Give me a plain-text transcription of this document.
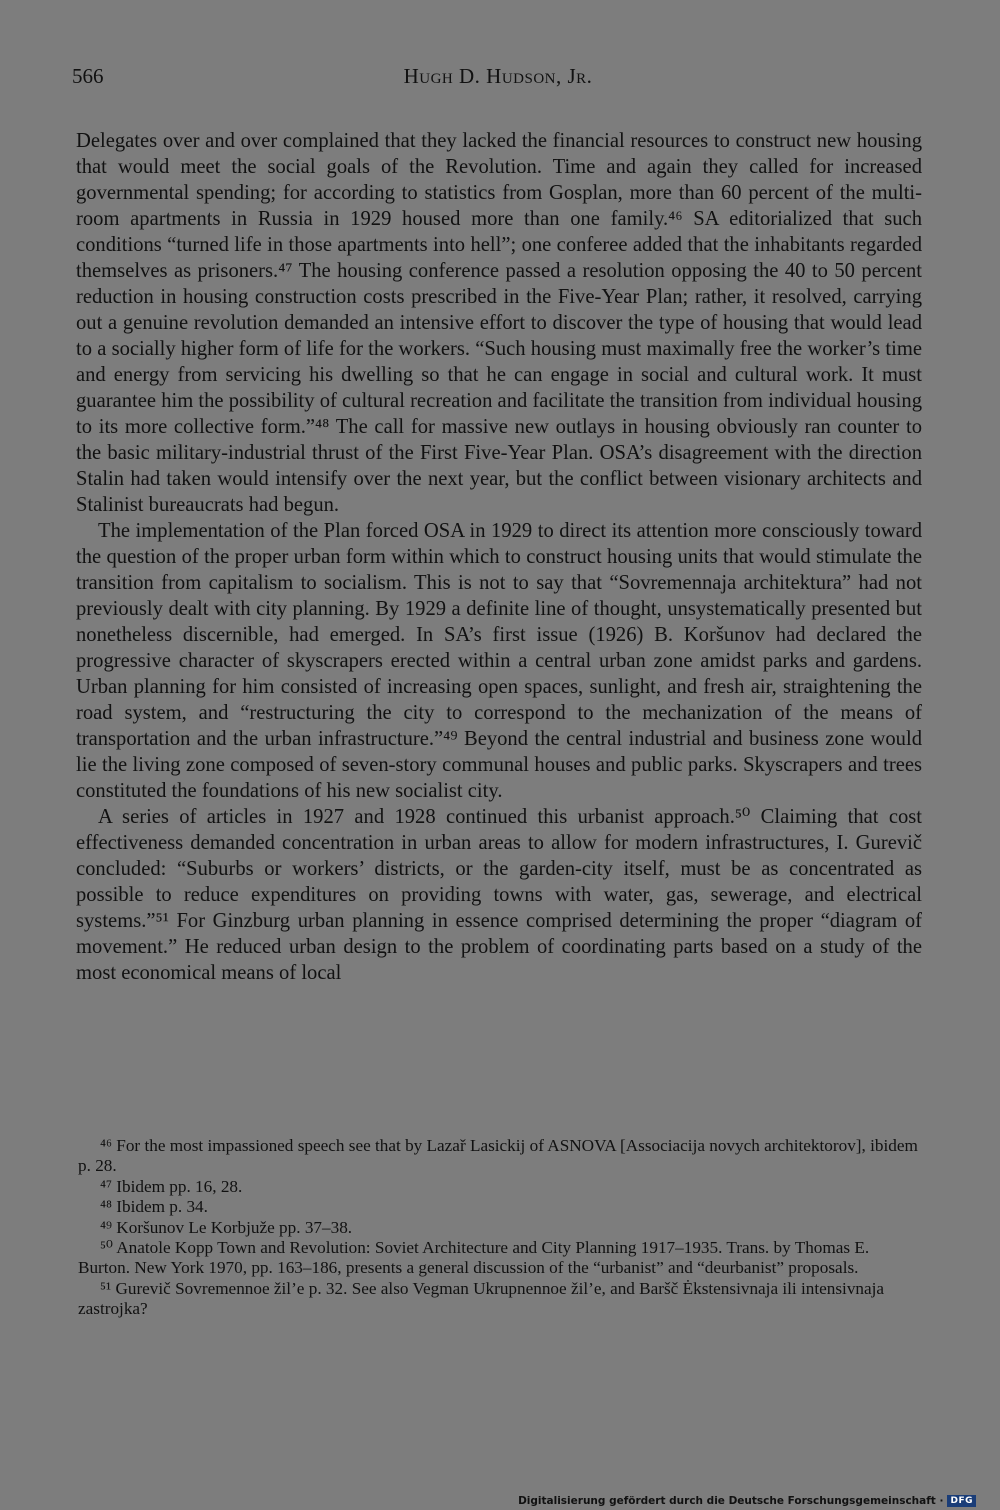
566	Hugh D. Hudson, Jr.

Delegates over and over complained that they lacked the financial resources to construct new housing that would meet the social goals of the Revolution. Time and again they called for increased governmental spending; for according to statistics from Gosplan, more than 60 percent of the multi-room apartments in Russia in 1929 housed more than one family.⁴⁶ SA editorialized that such conditions “turned life in those apartments into hell”; one conferee added that the inhabitants regarded themselves as prisoners.⁴⁷ The housing conference passed a resolution opposing the 40 to 50 percent reduction in housing construction costs prescribed in the Five-Year Plan; rather, it resolved, carrying out a genuine revolution demanded an intensive effort to discover the type of housing that would lead to a socially higher form of life for the workers. “Such housing must maximally free the worker’s time and energy from servicing his dwelling so that he can engage in social and cultural work. It must guarantee him the possibility of cultural recreation and facilitate the transition from individual housing to its more collective form.”⁴⁸ The call for massive new outlays in housing obviously ran counter to the basic military-industrial thrust of the First Five-Year Plan. OSA’s disagreement with the direction Stalin had taken would intensify over the next year, but the conflict between visionary architects and Stalinist bureaucrats had begun.

The implementation of the Plan forced OSA in 1929 to direct its attention more consciously toward the question of the proper urban form within which to construct housing units that would stimulate the transition from capitalism to socialism. This is not to say that “Sovremennaja architektura” had not previously dealt with city planning. By 1929 a definite line of thought, unsystematically presented but nonetheless discernible, had emerged. In SA’s first issue (1926) B. Koršunov had declared the progressive character of skyscrapers erected within a central urban zone amidst parks and gardens. Urban planning for him consisted of increasing open spaces, sunlight, and fresh air, straightening the road system, and “restructuring the city to correspond to the mechanization of the means of transportation and the urban infrastructure.”⁴⁹ Beyond the central industrial and business zone would lie the living zone composed of seven-story communal houses and public parks. Skyscrapers and trees constituted the foundations of his new socialist city.

A series of articles in 1927 and 1928 continued this urbanist approach.⁵⁰ Claiming that cost effectiveness demanded concentration in urban areas to allow for modern infrastructures, I. Gurevič concluded: “Suburbs or workers’ districts, or the garden-city itself, must be as concentrated as possible to reduce expenditures on providing towns with water, gas, sewerage, and electrical systems.”⁵¹ For Ginzburg urban planning in essence comprised determining the proper “diagram of movement.” He reduced urban design to the problem of coordinating parts based on a study of the most economical means of local

⁴⁶ For the most impassioned speech see that by Lazař Lasickij of ASNOVA [Associacija novych architektorov], ibidem p. 28.

⁴⁷ Ibidem pp. 16, 28.

⁴⁸ Ibidem p. 34.

⁴⁹ Koršunov Le Korbjuže pp. 37–38.

⁵⁰ Anatole Kopp Town and Revolution: Soviet Architecture and City Planning 1917–1935. Trans. by Thomas E. Burton. New York 1970, pp. 163–186, presents a general discussion of the “urbanist” and “deurbanist” proposals.

⁵¹ Gurevič Sovremennoe žil’e p. 32. See also Vegman Ukrupnennoe žil’e, and Baršč Ėkstensivnaja ili intensivnaja zastrojka?

Digitalisierung gefördert durch die Deutsche Forschungsgemeinschaft · DFG
